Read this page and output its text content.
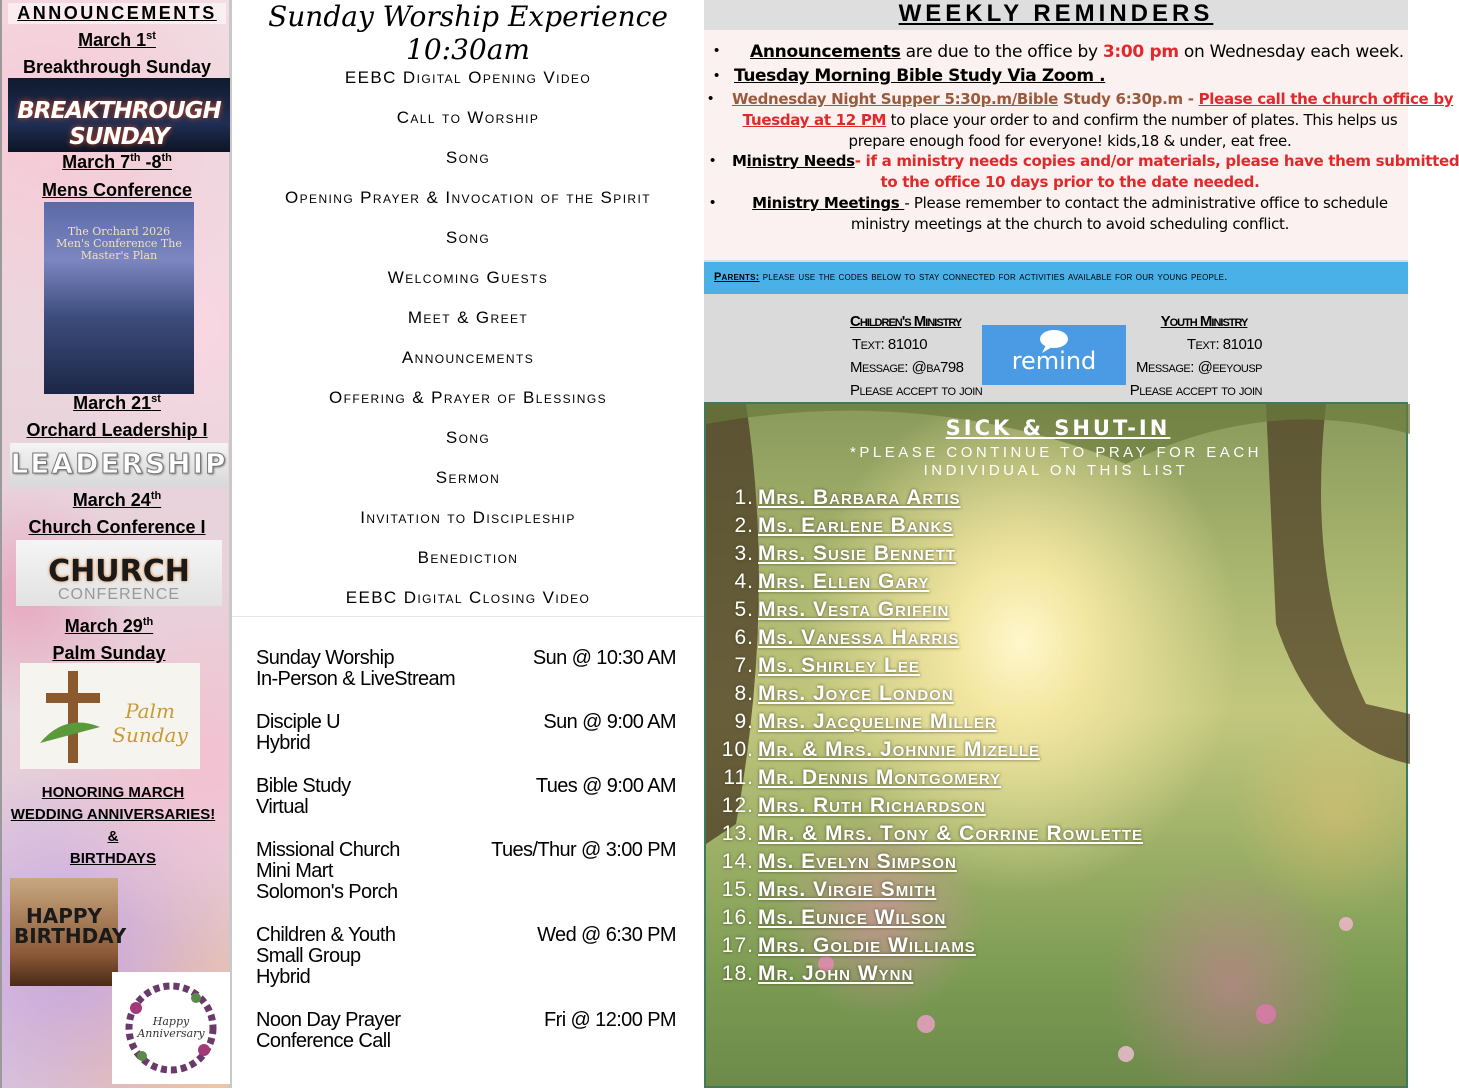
ANNOUNCEMENTS
March 1st
Breakthrough Sunday
BREAKTHROUGH SUNDAY
March 7th -8th
Mens Conference
The Orchard 2026 Men's Conference The Master's Plan
March 21st
Orchard Leadership I
LEADERSHIP
March 24th
Church Conference I
CHURCH
CONFERENCE
March 29th
Palm Sunday
Palm Sunday
HONORING MARCH
WEDDING ANNIVERSARIES!
&
BIRTHDAYS
HAPPY BIRTHDAY
Happy Anniversary
Sunday Worship Experience
10:30am
EEBC Digital Opening Video
Call to Worship
Song
Opening Prayer & Invocation of the Spirit
Song
Welcoming Guests
Meet & Greet
Announcements
Offering & Prayer of Blessings
Song
Sermon
Invitation to Discipleship
Benediction
EEBC Digital Closing Video
Sunday Worship
In-Person & LiveStream
Sun @ 10:30 AM
Disciple U
Hybrid
Sun @ 9:00 AM
Bible Study
Virtual
Tues @ 9:00 AM
Missional Church
Mini Mart
Solomon's Porch
Tues/Thur @ 3:00 PM
Children & Youth
Small Group
Hybrid
Wed @ 6:30 PM
Noon Day Prayer
Conference Call
Fri @ 12:00 PM
WEEKLY REMINDERS
• Announcements are due to the office by 3:00 pm on Wednesday each week.
• Tuesday Morning Bible Study Via Zoom .
• Wednesday Night Supper 5:30p.m/Bible Study 6:30p.m - Please call the church office by
Tuesday at 12 PM to place your order to and confirm the number of plates. This helps us
prepare enough food for everyone! kids,18 & under, eat free.
• Ministry Needs- if a ministry needs copies and/or materials, please have them submitted
to the office 10 days prior to the date needed.
•	Ministry Meetings - Please remember to contact the administrative office to schedule
ministry meetings at the church to avoid scheduling conflict.
Parents: please use the codes below to stay connected for activities available for our young people.
Children's Ministry
Text: 81010
Message: @ba798
Please accept to join
remind
Youth Ministry
Text: 81010
Message: @eeyousp
Please accept to join
SICK & SHUT-IN
*PLEASE CONTINUE TO PRAY FOR EACH
INDIVIDUAL ON THIS LIST
1. Mrs. Barbara Artis
2. Ms. Earlene Banks
3. Mrs. Susie Bennett
4. Mrs. Ellen Gary
5. Mrs. Vesta Griffin
6. Ms. Vanessa Harris
7. Ms. Shirley Lee
8. Mrs. Joyce London
9. Mrs. Jacqueline Miller
10. Mr. & Mrs. Johnnie Mizelle
11. Mr. Dennis Montgomery
12. Mrs. Ruth Richardson
13. Mr. & Mrs. Tony & Corrine Rowlette
14. Ms. Evelyn Simpson
15. Mrs. Virgie Smith
16. Ms. Eunice Wilson
17. Mrs. Goldie Williams
18. Mr. John Wynn
